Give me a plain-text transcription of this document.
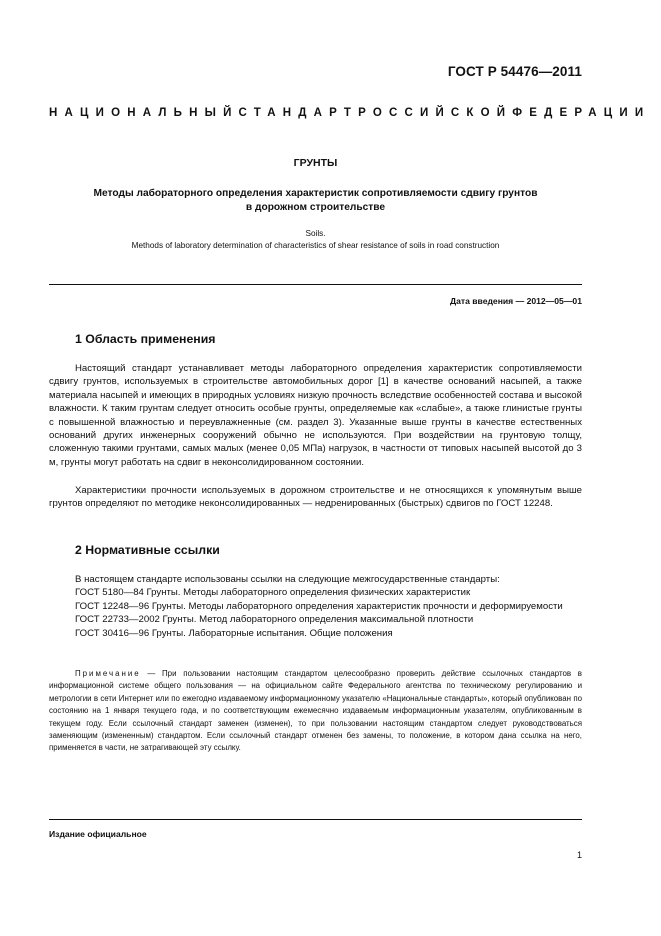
ГОСТ Р 54476—2011
НАЦИОНАЛЬНЫЙ СТАНДАРТ РОССИЙСКОЙ ФЕДЕРАЦИИ
ГРУНТЫ
Методы лабораторного определения характеристик сопротивляемости сдвигу грунтов
в дорожном строительстве
Soils.
Methods of laboratory determination of characteristics of shear resistance of soils in road construction
Дата введения — 2012—05—01
1 Область применения
Настоящий стандарт устанавливает методы лабораторного определения характеристик сопротивляемости сдвигу грунтов, используемых в строительстве автомобильных дорог [1] в качестве оснований насыпей, а также материала насыпей и имеющих в природных условиях низкую прочность вследствие особенностей состава и высокой влажности. К таким грунтам следует относить особые грунты, определяемые как «слабые», а также глинистые грунты с повышенной влажностью и переувлажненные (см. раздел 3). Указанные выше грунты в качестве естественных оснований других инженерных сооружений обычно не используются. При воздействии на грунтовую толщу, сложенную такими грунтами, самых малых (менее 0,05 МПа) нагрузок, в частности от типовых насыпей высотой до 3 м, грунты могут работать на сдвиг в неконсолидированном состоянии.
Характеристики прочности используемых в дорожном строительстве и не относящихся к упомянутым выше грунтов определяют по методике неконсолидированных — недренированных (быстрых) сдвигов по ГОСТ 12248.
2 Нормативные ссылки
В настоящем стандарте использованы ссылки на следующие межгосударственные стандарты:
ГОСТ 5180—84 Грунты. Методы лабораторного определения физических характеристик
ГОСТ 12248—96 Грунты. Методы лабораторного определения характеристик прочности и деформируемости
ГОСТ 22733—2002 Грунты. Метод лабораторного определения максимальной плотности
ГОСТ 30416—96 Грунты. Лабораторные испытания. Общие положения
Примечание — При пользовании настоящим стандартом целесообразно проверить действие ссылочных стандартов в информационной системе общего пользования — на официальном сайте Федерального агентства по техническому регулированию и метрологии в сети Интернет или по ежегодно издаваемому информационному указателю «Национальные стандарты», который опубликован по состоянию на 1 января текущего года, и по соответствующим ежемесячно издаваемым информационным указателям, опубликованным в текущем году. Если ссылочный стандарт заменен (изменен), то при пользовании настоящим стандартом следует руководствоваться заменяющим (измененным) стандартом. Если ссылочный стандарт отменен без замены, то положение, в котором дана ссылка на него, применяется в части, не затрагивающей эту ссылку.
Издание официальное
1
